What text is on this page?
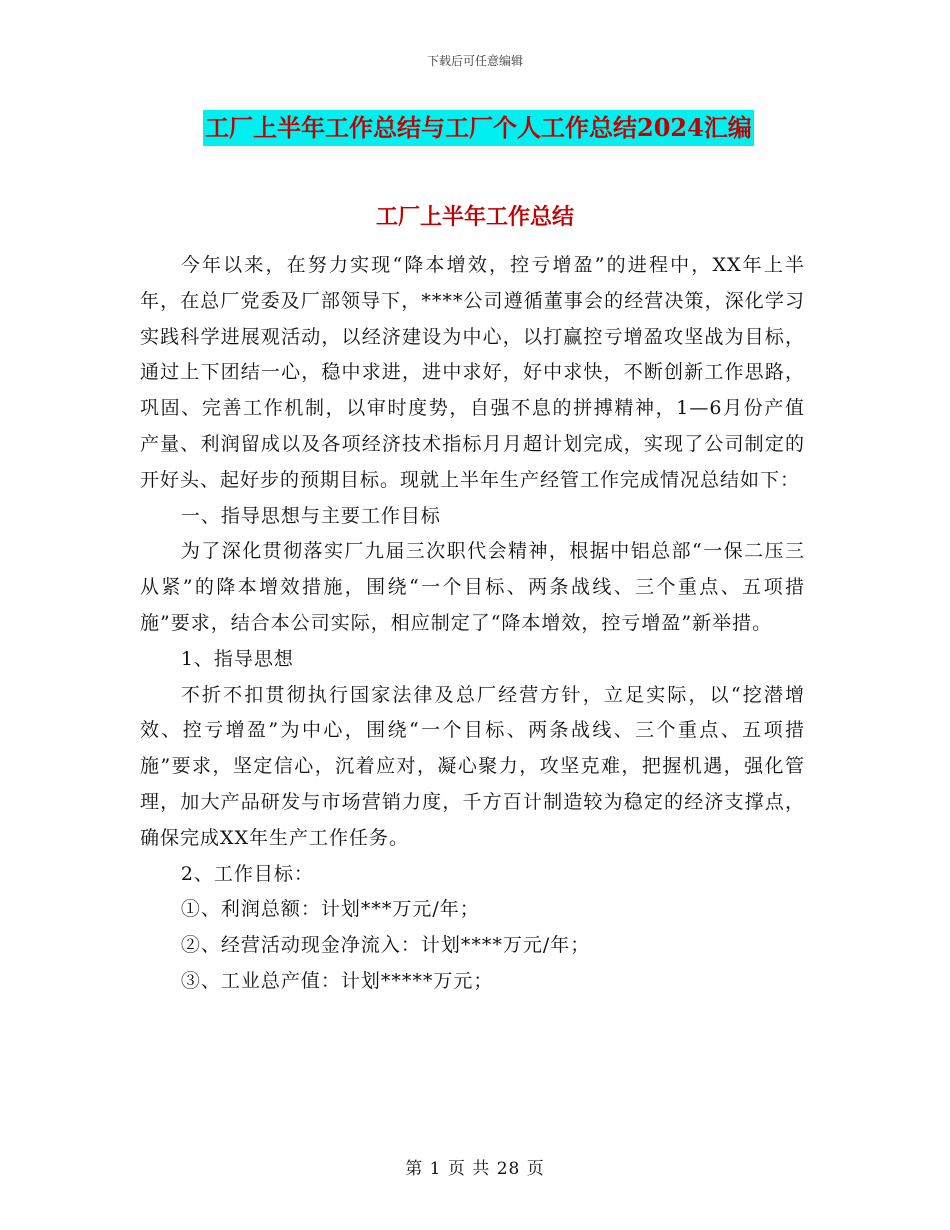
下载后可任意编辑
工厂上半年工作总结与工厂个人工作总结2024汇编
工厂上半年工作总结

今年以来，在努力实现“降本增效，控亏增盈”的进程中，XX年上半年，在总厂党委及厂部领导下，****公司遵循董事会的经营决策，深化学习实践科学进展观活动，以经济建设为中心，以打赢控亏增盈攻坚战为目标，通过上下团结一心，稳中求进，进中求好，好中求快，不断创新工作思路，巩固、完善工作机制，以审时度势，自强不息的拼搏精神，1—6月份产值产量、利润留成以及各项经济技术指标月月超计划完成，实现了公司制定的开好头、起好步的预期目标。现就上半年生产经管工作完成情况总结如下：

一、指导思想与主要工作目标

为了深化贯彻落实厂九届三次职代会精神，根据中铝总部“一保二压三从紧”的降本增效措施，围绕“一个目标、两条战线、三个重点、五项措施”要求，结合本公司实际，相应制定了“降本增效，控亏增盈”新举措。

1、指导思想

不折不扣贯彻执行国家法律及总厂经营方针，立足实际，以“挖潜增效、控亏增盈”为中心，围绕“一个目标、两条战线、三个重点、五项措施”要求，坚定信心，沉着应对，凝心聚力，攻坚克难，把握机遇，强化管理，加大产品研发与市场营销力度，千方百计制造较为稳定的经济支撑点，确保完成XX年生产工作任务。

2、工作目标：

①、利润总额：计划***万元/年；

②、经营活动现金净流入：计划****万元/年；

③、工业总产值：计划*****万元；

第 1 页 共 28 页
